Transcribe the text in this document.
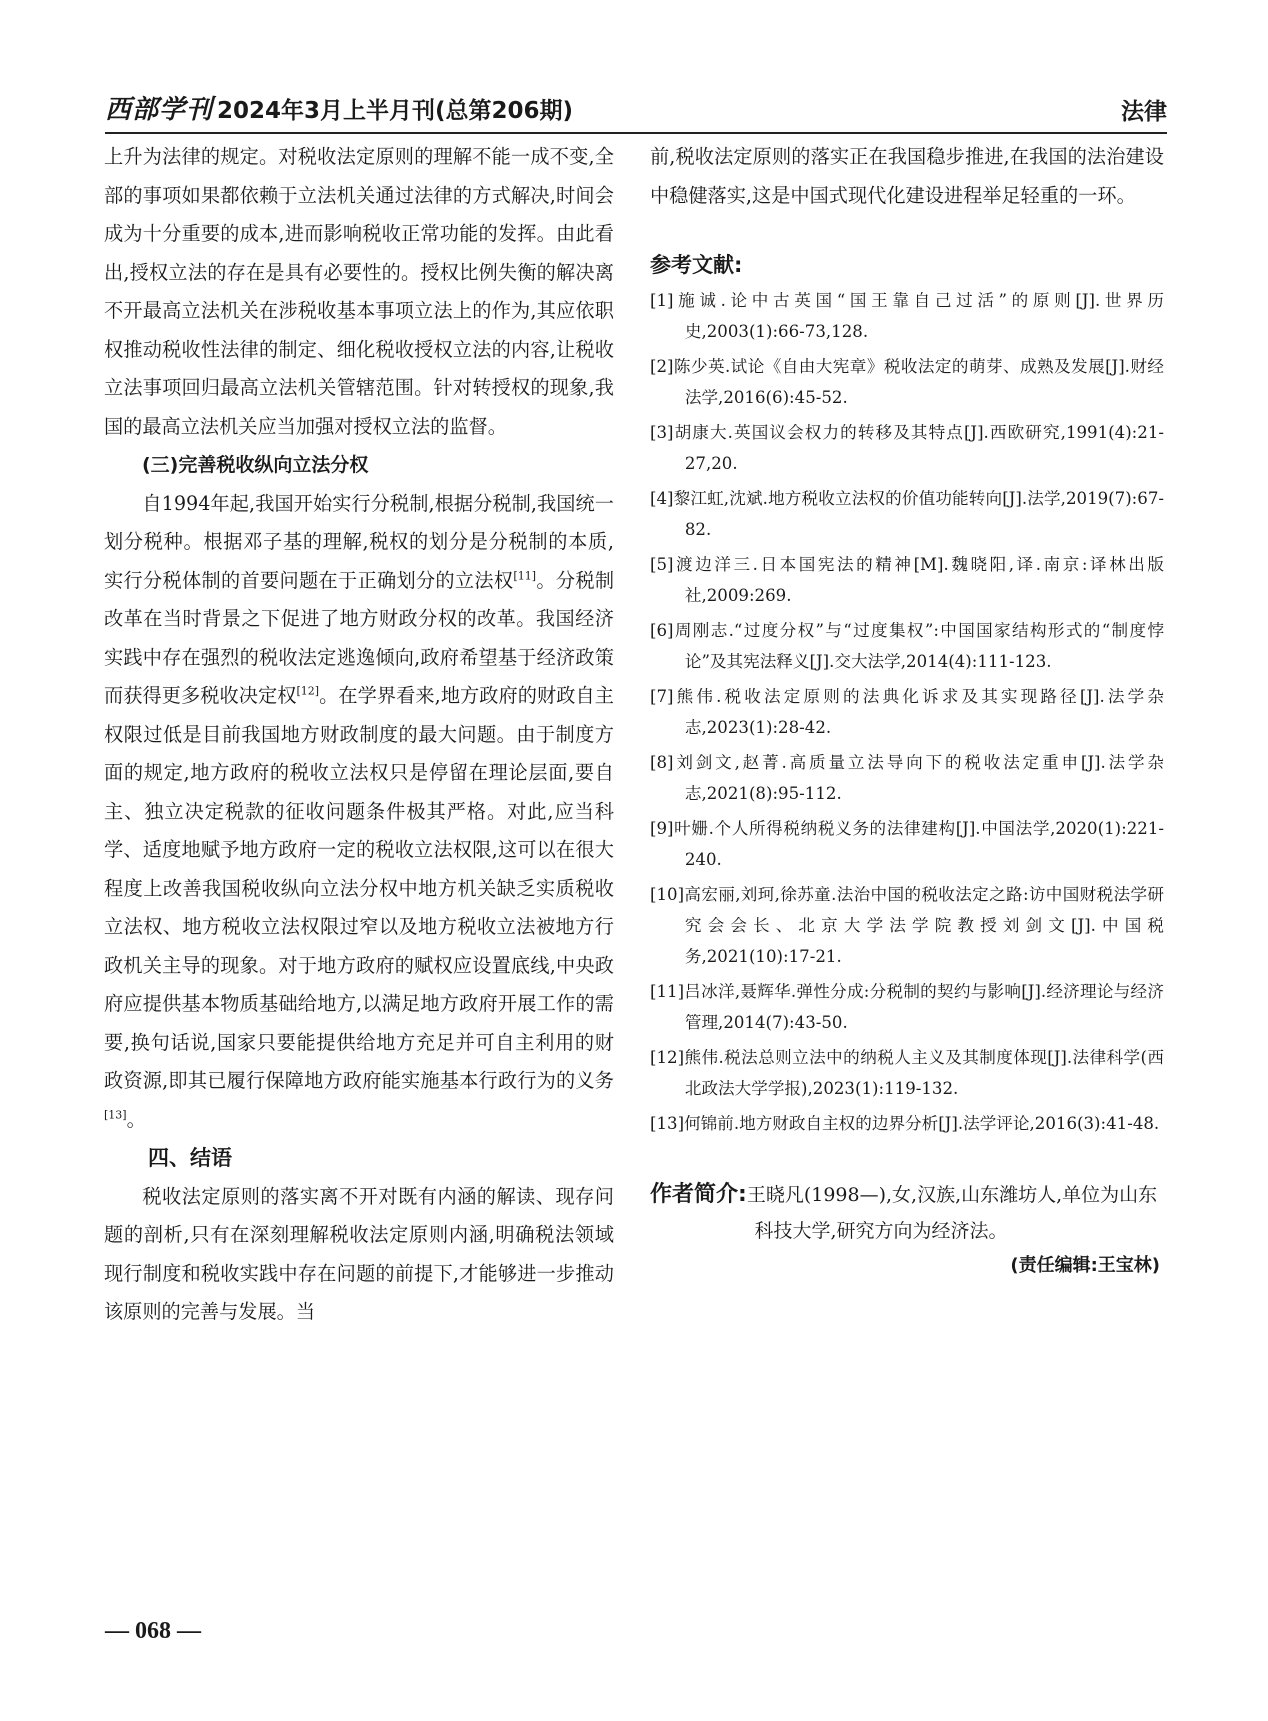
西部学刊 2024年3月上半月刊(总第206期)	法律

上升为法律的规定。对税收法定原则的理解不能一成不变,全部的事项如果都依赖于立法机关通过法律的方式解决,时间会成为十分重要的成本,进而影响税收正常功能的发挥。由此看出,授权立法的存在是具有必要性的。授权比例失衡的解决离不开最高立法机关在涉税收基本事项立法上的作为,其应依职权推动税收性法律的制定、细化税收授权立法的内容,让税收立法事项回归最高立法机关管辖范围。针对转授权的现象,我国的最高立法机关应当加强对授权立法的监督。

(三)完善税收纵向立法分权

自1994年起,我国开始实行分税制,根据分税制,我国统一划分税种。根据邓子基的理解,税权的划分是分税制的本质,实行分税体制的首要问题在于正确划分的立法权[11]。分税制改革在当时背景之下促进了地方财政分权的改革。我国经济实践中存在强烈的税收法定逃逸倾向,政府希望基于经济政策而获得更多税收决定权[12]。在学界看来,地方政府的财政自主权限过低是目前我国地方财政制度的最大问题。由于制度方面的规定,地方政府的税收立法权只是停留在理论层面,要自主、独立决定税款的征收问题条件极其严格。对此,应当科学、适度地赋予地方政府一定的税收立法权限,这可以在很大程度上改善我国税收纵向立法分权中地方机关缺乏实质税收立法权、地方税收立法权限过窄以及地方税收立法被地方行政机关主导的现象。对于地方政府的赋权应设置底线,中央政府应提供基本物质基础给地方,以满足地方政府开展工作的需要,换句话说,国家只要能提供给地方充足并可自主利用的财政资源,即其已履行保障地方政府能实施基本行政行为的义务[13]。

四、结语

税收法定原则的落实离不开对既有内涵的解读、现存问题的剖析,只有在深刻理解税收法定原则内涵,明确税法领域现行制度和税收实践中存在问题的前提下,才能够进一步推动该原则的完善与发展。当

前,税收法定原则的落实正在我国稳步推进,在我国的法治建设中稳健落实,这是中国式现代化建设进程举足轻重的一环。

参考文献:
[1]施诚.论中古英国“国王靠自己过活”的原则[J].世界历史,2003(1):66-73,128.
[2]陈少英.试论《自由大宪章》税收法定的萌芽、成熟及发展[J].财经法学,2016(6):45-52.
[3]胡康大.英国议会权力的转移及其特点[J].西欧研究,1991(4):21-27,20.
[4]黎江虹,沈斌.地方税收立法权的价值功能转向[J].法学,2019(7):67-82.
[5]渡边洋三.日本国宪法的精神[M].魏晓阳,译.南京:译林出版社,2009:269.
[6]周刚志.“过度分权”与“过度集权”:中国国家结构形式的“制度悖论”及其宪法释义[J].交大法学,2014(4):111-123.
[7]熊伟.税收法定原则的法典化诉求及其实现路径[J].法学杂志,2023(1):28-42.
[8]刘剑文,赵菁.高质量立法导向下的税收法定重申[J].法学杂志,2021(8):95-112.
[9]叶姗.个人所得税纳税义务的法律建构[J].中国法学,2020(1):221-240.
[10]高宏丽,刘珂,徐苏童.法治中国的税收法定之路:访中国财税法学研究会会长、北京大学法学院教授刘剑文[J].中国税务,2021(10):17-21.
[11]吕冰洋,聂辉华.弹性分成:分税制的契约与影响[J].经济理论与经济管理,2014(7):43-50.
[12]熊伟.税法总则立法中的纳税人主义及其制度体现[J].法律科学(西北政法大学学报),2023(1):119-132.
[13]何锦前.地方财政自主权的边界分析[J].法学评论,2016(3):41-48.
作者简介:王晓凡(1998—),女,汉族,山东潍坊人,单位为山东科技大学,研究方向为经济法。
(责任编辑:王宝林)
— 068 —
